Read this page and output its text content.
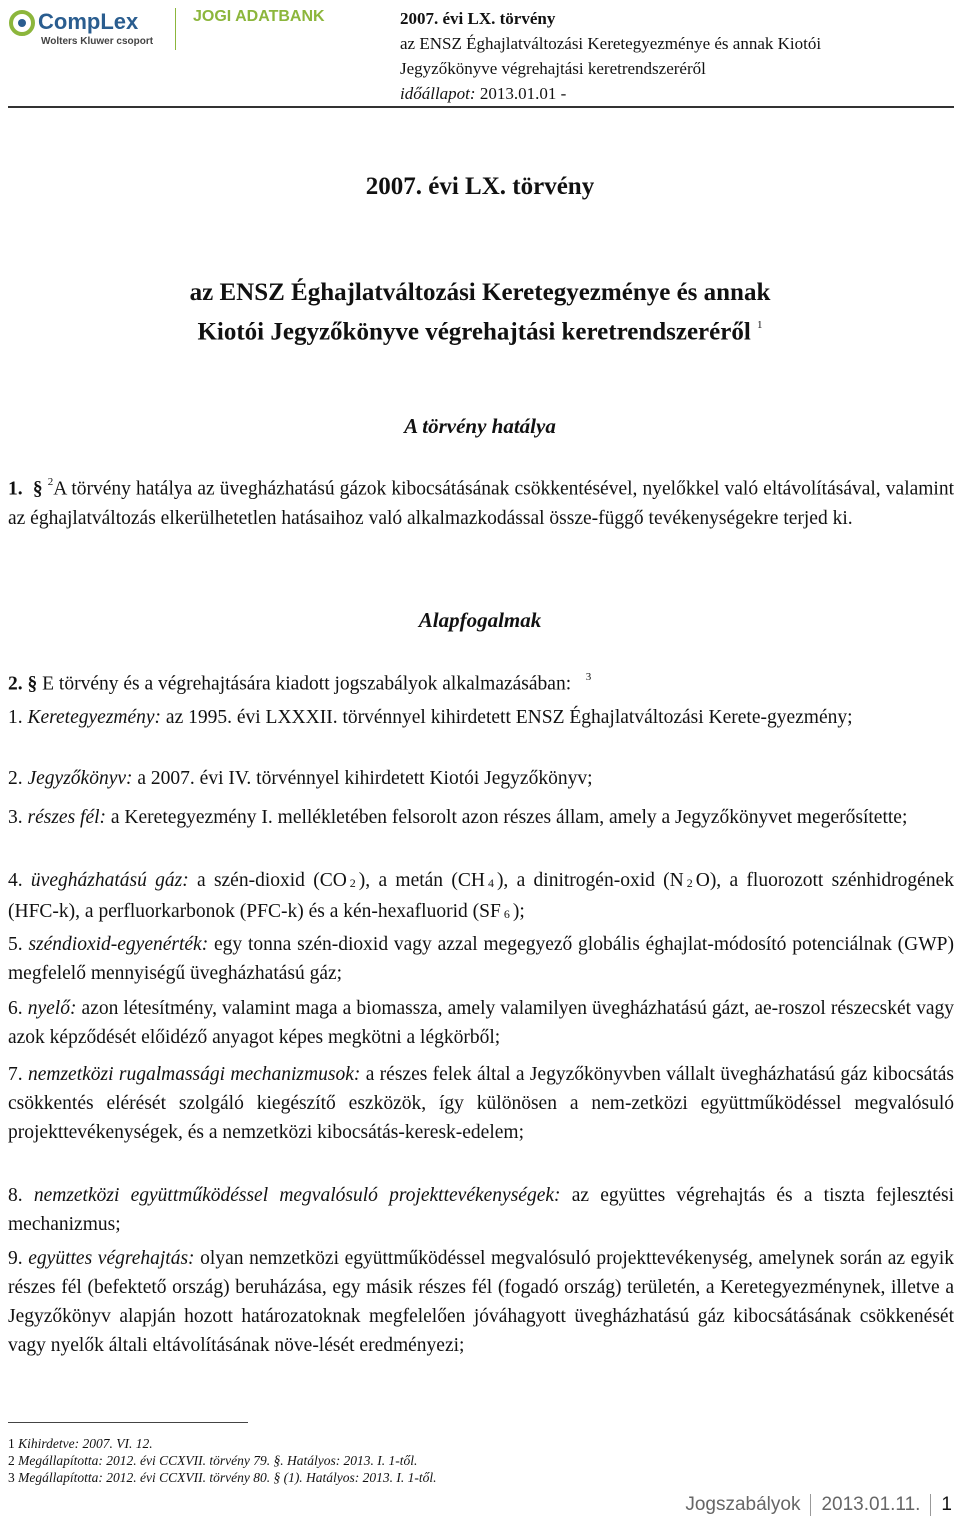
CompLex
Wolters Kluwer csoport
JOGI ADATBANK	2007. évi LX. törvény
az ENSZ Éghajlatváltozási Keretegyezménye és annak Kiotói
Jegyzőkönyve végrehajtási keretrendszeréről
időállapot: 2013.01.01 -
2007. évi LX. törvény
az ENSZ Éghajlatváltozási Keretegyezménye és annak
Kiotói Jegyzőkönyve végrehajtási keretrendszeréről $^1$
A törvény hatálya
1. § $^2$A törvény hatálya az üvegházhatású gázok kibocsátásának csökkentésével, nyelőkkel való eltávolításával, valamint az éghajlatváltozás elkerülhetetlen hatásaihoz való alkalmazkodással össze-függő tevékenységekre terjed ki.
Alapfogalmak
2. § E törvény és a végrehajtására kiadott jogszabályok alkalmazásában: $^3$
1. Keretegyezmény: az 1995. évi LXXXII. törvénnyel kihirdetett ENSZ Éghajlatváltozási Kerete-gyezmény;
2. Jegyzőkönyv: a 2007. évi IV. törvénnyel kihirdetett Kiotói Jegyzőkönyv;
3. részes fél: a Keretegyezmény I. mellékletében felsorolt azon részes állam, amely a Jegyzőkönyvet megerősítette;
4. üvegházhatású gáz: a szén-dioxid (CO 2 ), a metán (CH 4 ), a dinitrogén-oxid (N 2 O), a fluorozott szénhidrogének (HFC-k), a perfluorkarbonok (PFC-k) és a kén-hexafluorid (SF 6 );
5. széndioxid-egyenérték: egy tonna szén-dioxid vagy azzal megegyező globális éghajlat-módosító potenciálnak (GWP) megfelelő mennyiségű üvegházhatású gáz;
6. nyelő: azon létesítmény, valamint maga a biomassza, amely valamilyen üvegházhatású gázt, ae-roszol részecskét vagy azok képződését előidéző anyagot képes megkötni a légkörből;
7. nemzetközi rugalmassági mechanizmusok: a részes felek által a Jegyzőkönyvben vállalt üvegházhatású gáz kibocsátás csökkentés elérését szolgáló kiegészítő eszközök, így különösen a nem-zetközi együttműködéssel megvalósuló projekttevékenységek, és a nemzetközi kibocsátás-keresk-edelem;
8. nemzetközi együttműködéssel megvalósuló projekttevékenységek: az együttes végrehajtás és a tiszta fejlesztési mechanizmus;
9. együttes végrehajtás: olyan nemzetközi együttműködéssel megvalósuló projekttevékenység, amelynek során az egyik részes fél (befektető ország) beruházása, egy másik részes fél (fogadó ország) területén, a Keretegyezménynek, illetve a Jegyzőkönyv alapján hozott határozatoknak megfelelően jóváhagyott üvegházhatású gáz kibocsátásának csökkenését vagy nyelők általi eltávolításának növe-lését eredményezi;
1 Kihirdetve: 2007. VI. 12.
2 Megállapította: 2012. évi CCXVII. törvény 79. §. Hatályos: 2013. I. 1-től.
3 Megállapította: 2012. évi CCXVII. törvény 80. § (1). Hatályos: 2013. I. 1-től.
Jogszabályok 2013.01.11. 1
